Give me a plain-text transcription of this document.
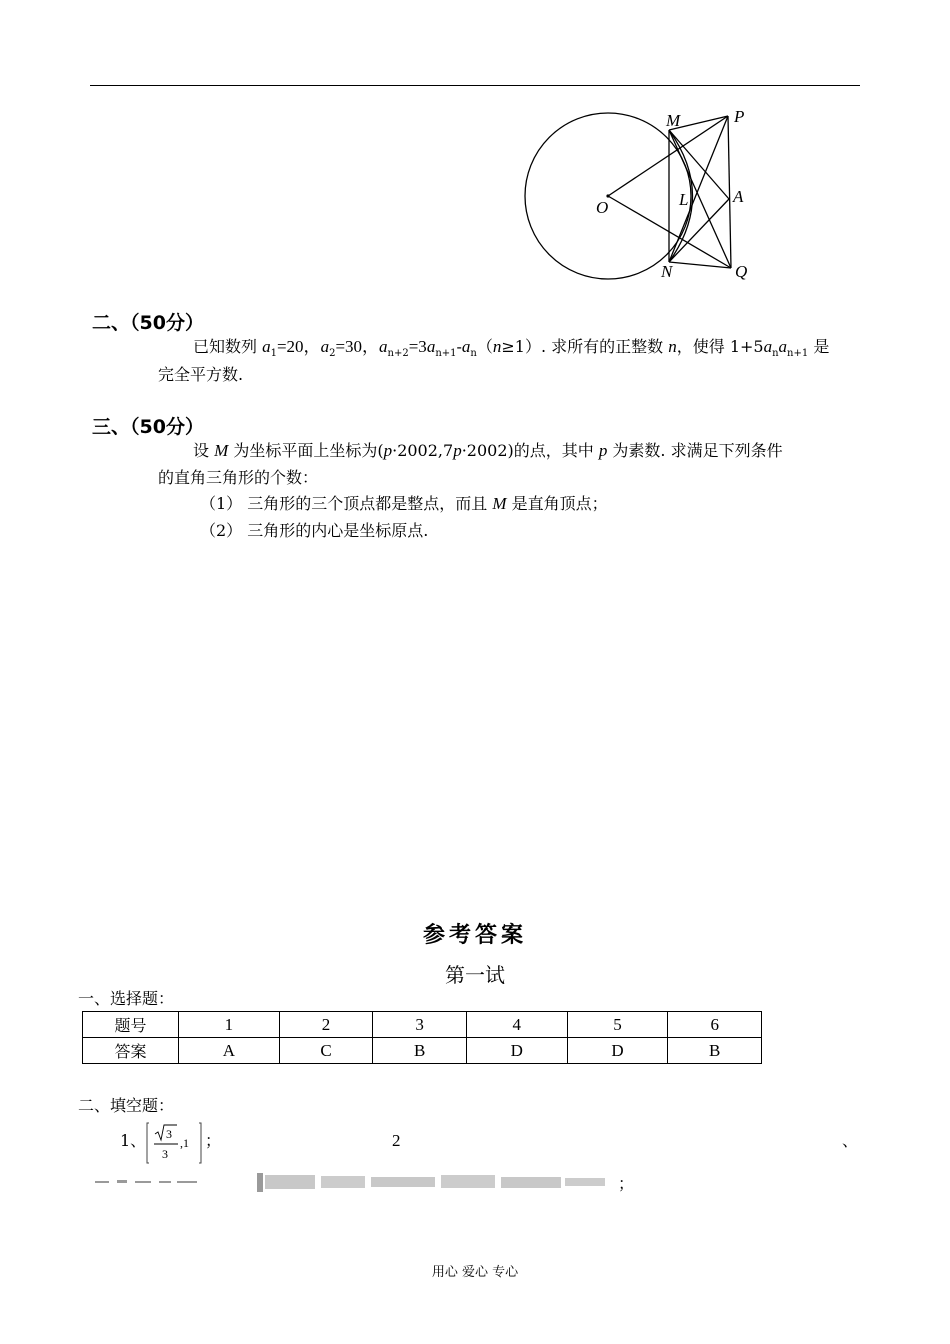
M	P
O	L	A
N	Q
二、（50分）
已知数列 $a_1=20$，$a_2=30$，$a_{n+2}=3a_{n+1}-a_n(n\ge 1)$. 求所有的正整数 n，使得 $1+5a_na_{n+1}$ 是
完全平方数.
三、（50分）
设 M 为坐标平面上坐标为(p·2002,7p·2002)的点，其中 p 为素数. 求满足下列条件
的直角三角形的个数：
（1） 三角形的三个顶点都是整点，而且 M 是直角顶点；
（2） 三角形的内心是坐标原点.
参考答案
第一试
一、选择题：
题号	1	2	3	4	5	6
答案	A	C	B	D	D	B
二、填空题：
1、 3
3
,1 ；	2	、
；
用心 爱心 专心
